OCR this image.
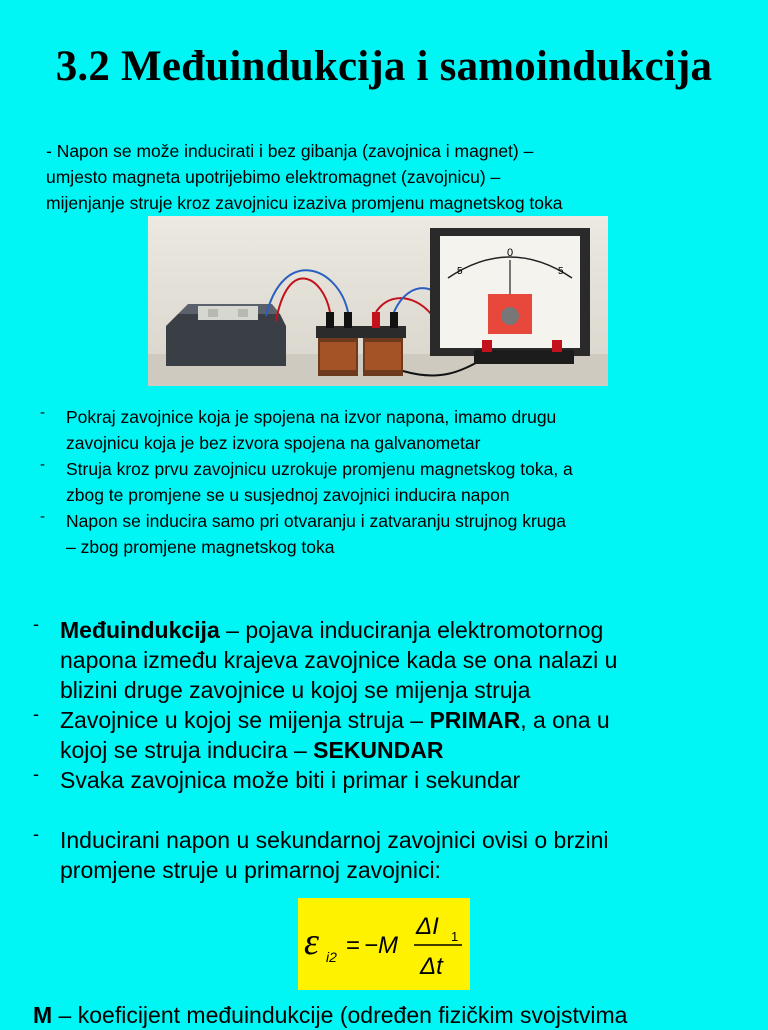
3.2 Međuindukcija i samoindukcija
- Napon se može inducirati i bez gibanja (zavojnica i magnet) –
umjesto magneta upotrijebimo elektromagnet (zavojnicu) –
mijenjanje struje kroz zavojnicu izaziva promjenu magnetskog toka
0
5	5
- Pokraj zavojnice koja je spojena na izvor napona, imamo drugu
zavojnicu koja je bez izvora spojena na galvanometar
- Struja kroz prvu zavojnicu uzrokuje promjenu magnetskog toka, a
zbog te promjene se u susjednoj zavojnici inducira napon
- Napon se inducira samo pri otvaranju i zatvaranju strujnog kruga
– zbog promjene magnetskog toka
- Međuindukcija – pojava induciranja elektromotornog
napona između krajeva zavojnice kada se ona nalazi u
blizini druge zavojnice u kojoj se mijenja struja
- Zavojnice u kojoj se mijenja struja – PRIMAR, a ona u
kojoj se struja inducira – SEKUNDAR
- Svaka zavojnica može biti i primar i sekundar
- Inducirani napon u sekundarnoj zavojnici ovisi o brzini
promjene struje u primarnoj zavojnici:
ε i2 = −M
ΔI 1
Δt

M – koeficijent međuindukcije (određen fizičkim svojstvima
